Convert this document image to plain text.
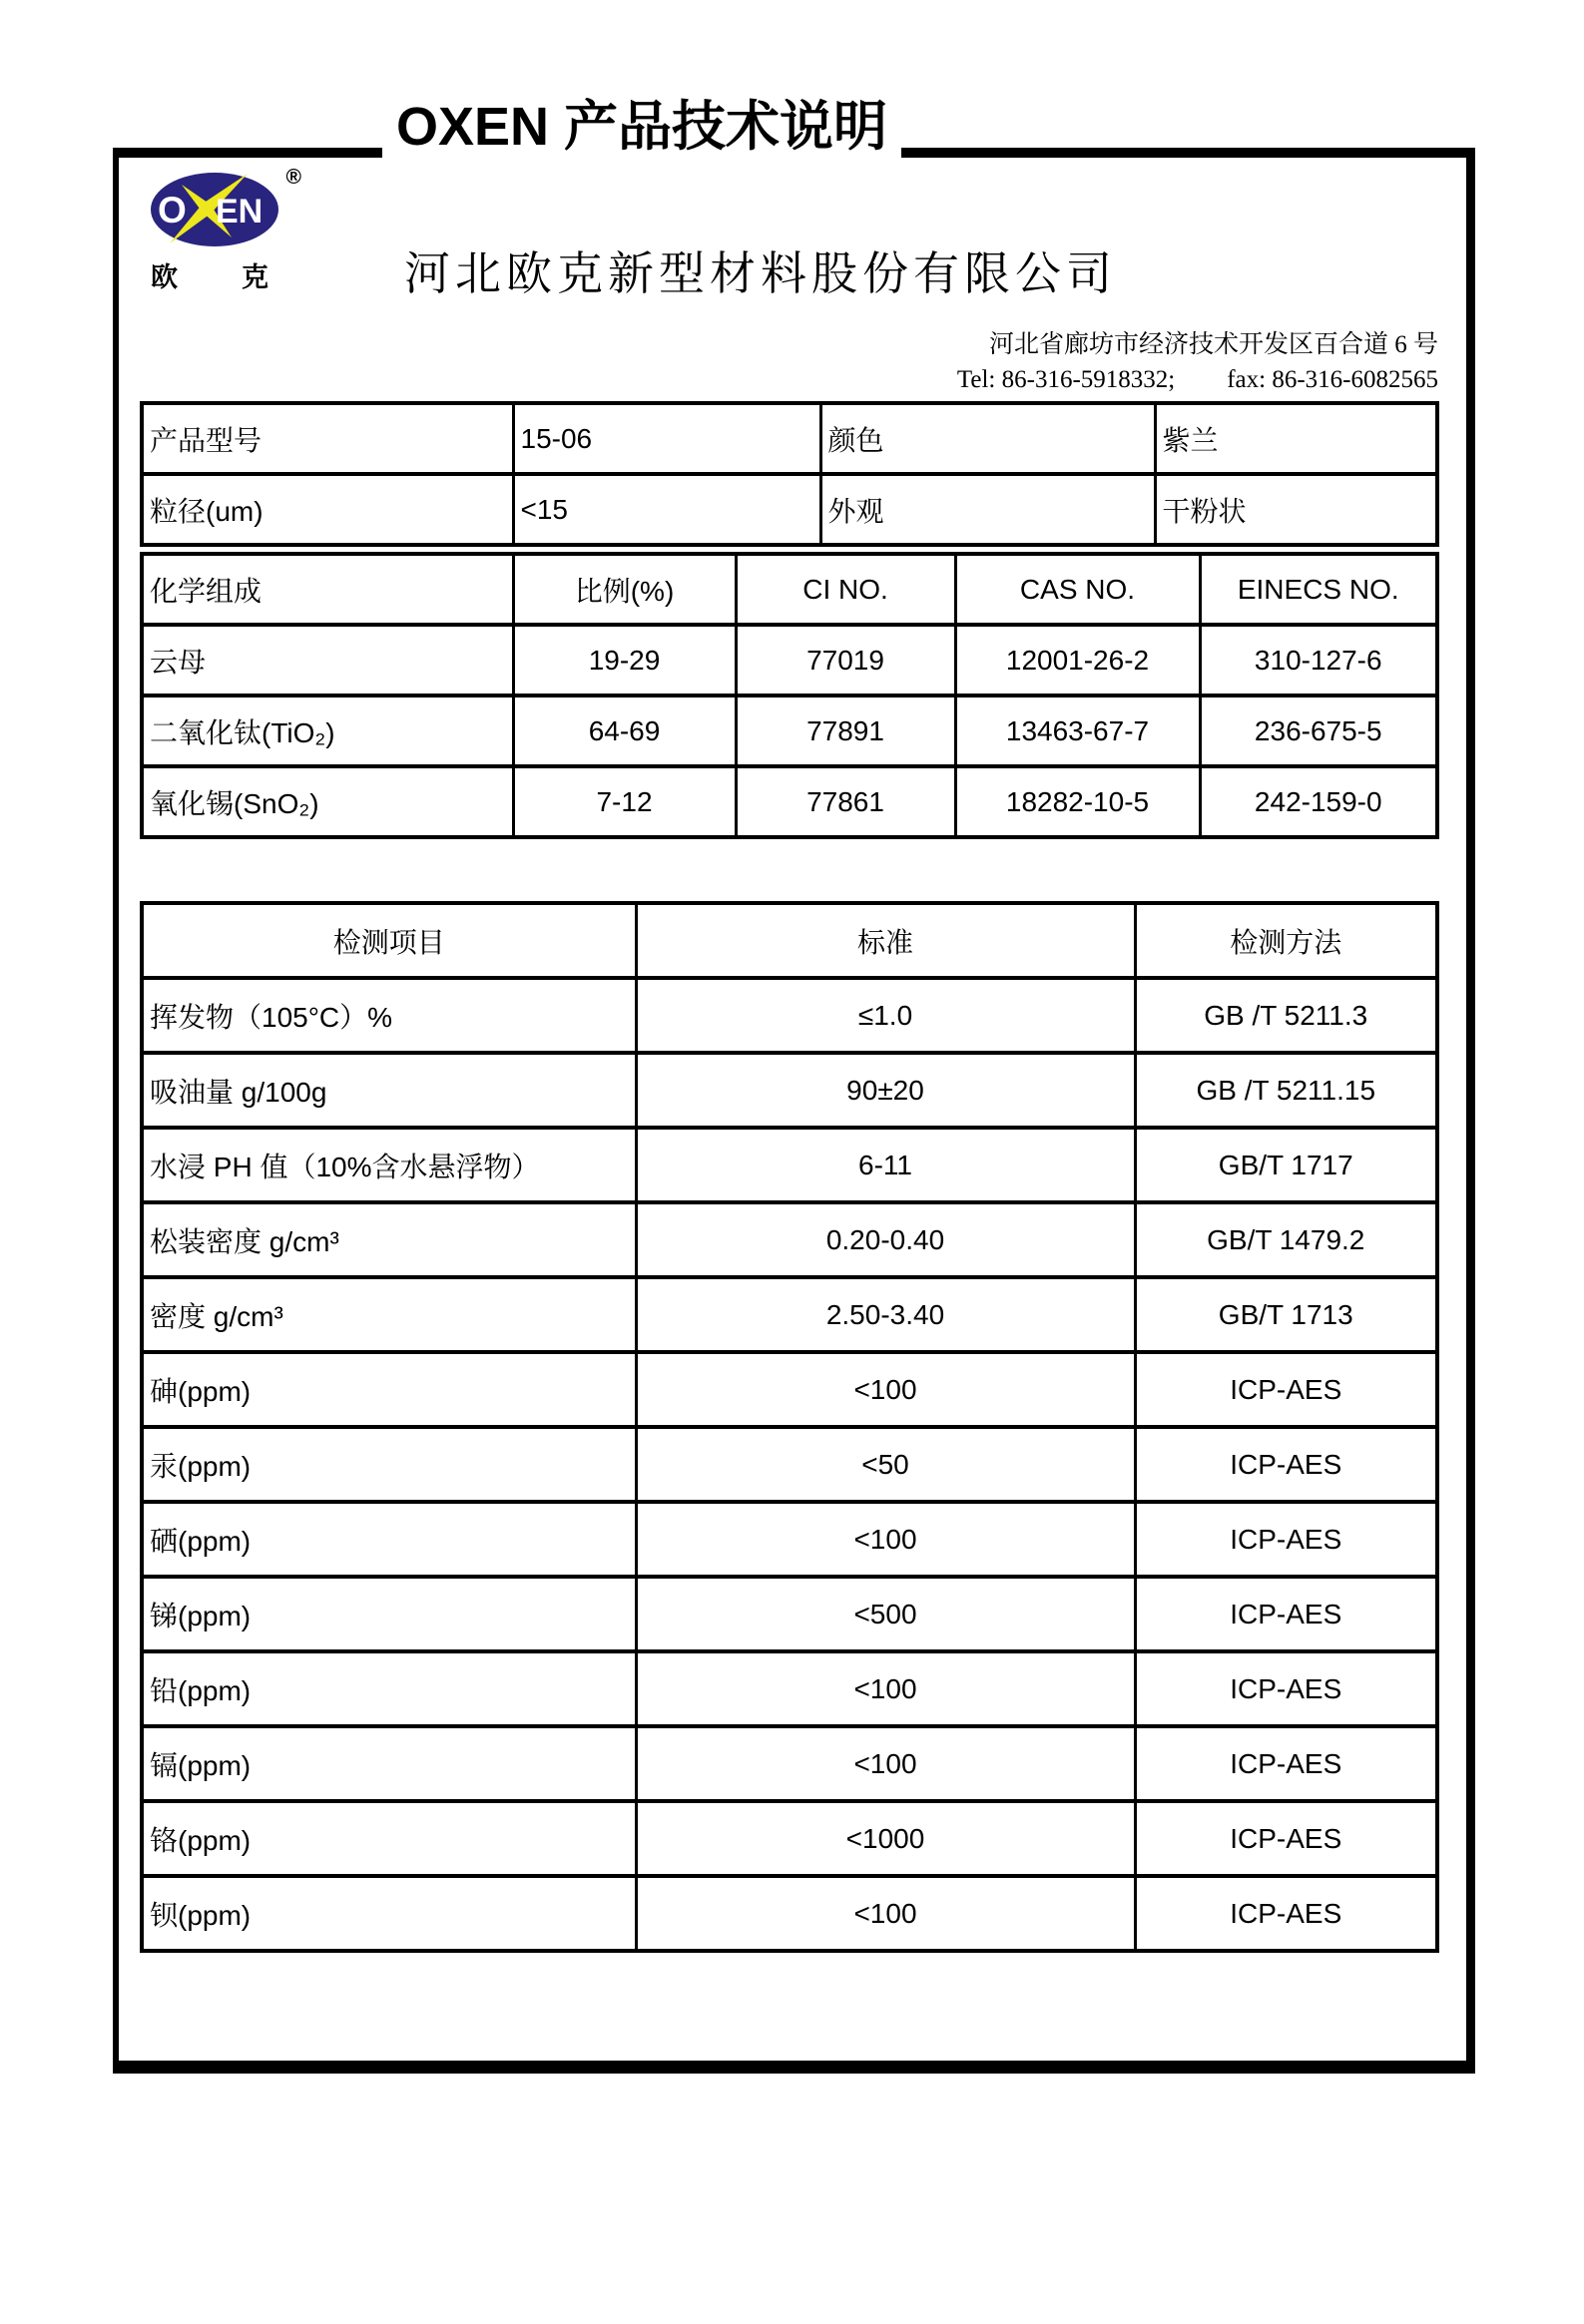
OXEN 产品技术说明
O EN
®
欧 克	河北欧克新型材料股份有限公司
河北省廊坊市经济技术开发区百合道 6 号
Tel: 86-316-5918332; fax: 86-316-6082565
产品型号	15-06	颜色	紫兰
粒径(um)	<15	外观	干粉状
化学组成	比例(%)	CI NO.	CAS NO.	EINECS NO.
云母	19-29	77019	12001-26-2	310-127-6
二氧化钛(TiO₂)	64-69	77891	13463-67-7	236-675-5
氧化锡(SnO₂)	7-12	77861	18282-10-5	242-159-0
检测项目	标准	检测方法
挥发物（105°C）%	≤1.0	GB /T 5211.3
吸油量 g/100g	90±20	GB /T 5211.15
水浸 PH 值（10%含水悬浮物）	6-11	GB/T 1717
松装密度 g/cm³	0.20-0.40	GB/T 1479.2
密度 g/cm³	2.50-3.40	GB/T 1713
砷(ppm)	<100	ICP-AES
汞(ppm)	<50	ICP-AES
硒(ppm)	<100	ICP-AES
锑(ppm)	<500	ICP-AES
铅(ppm)	<100	ICP-AES
镉(ppm)	<100	ICP-AES
铬(ppm)	<1000	ICP-AES
钡(ppm)	<100	ICP-AES
